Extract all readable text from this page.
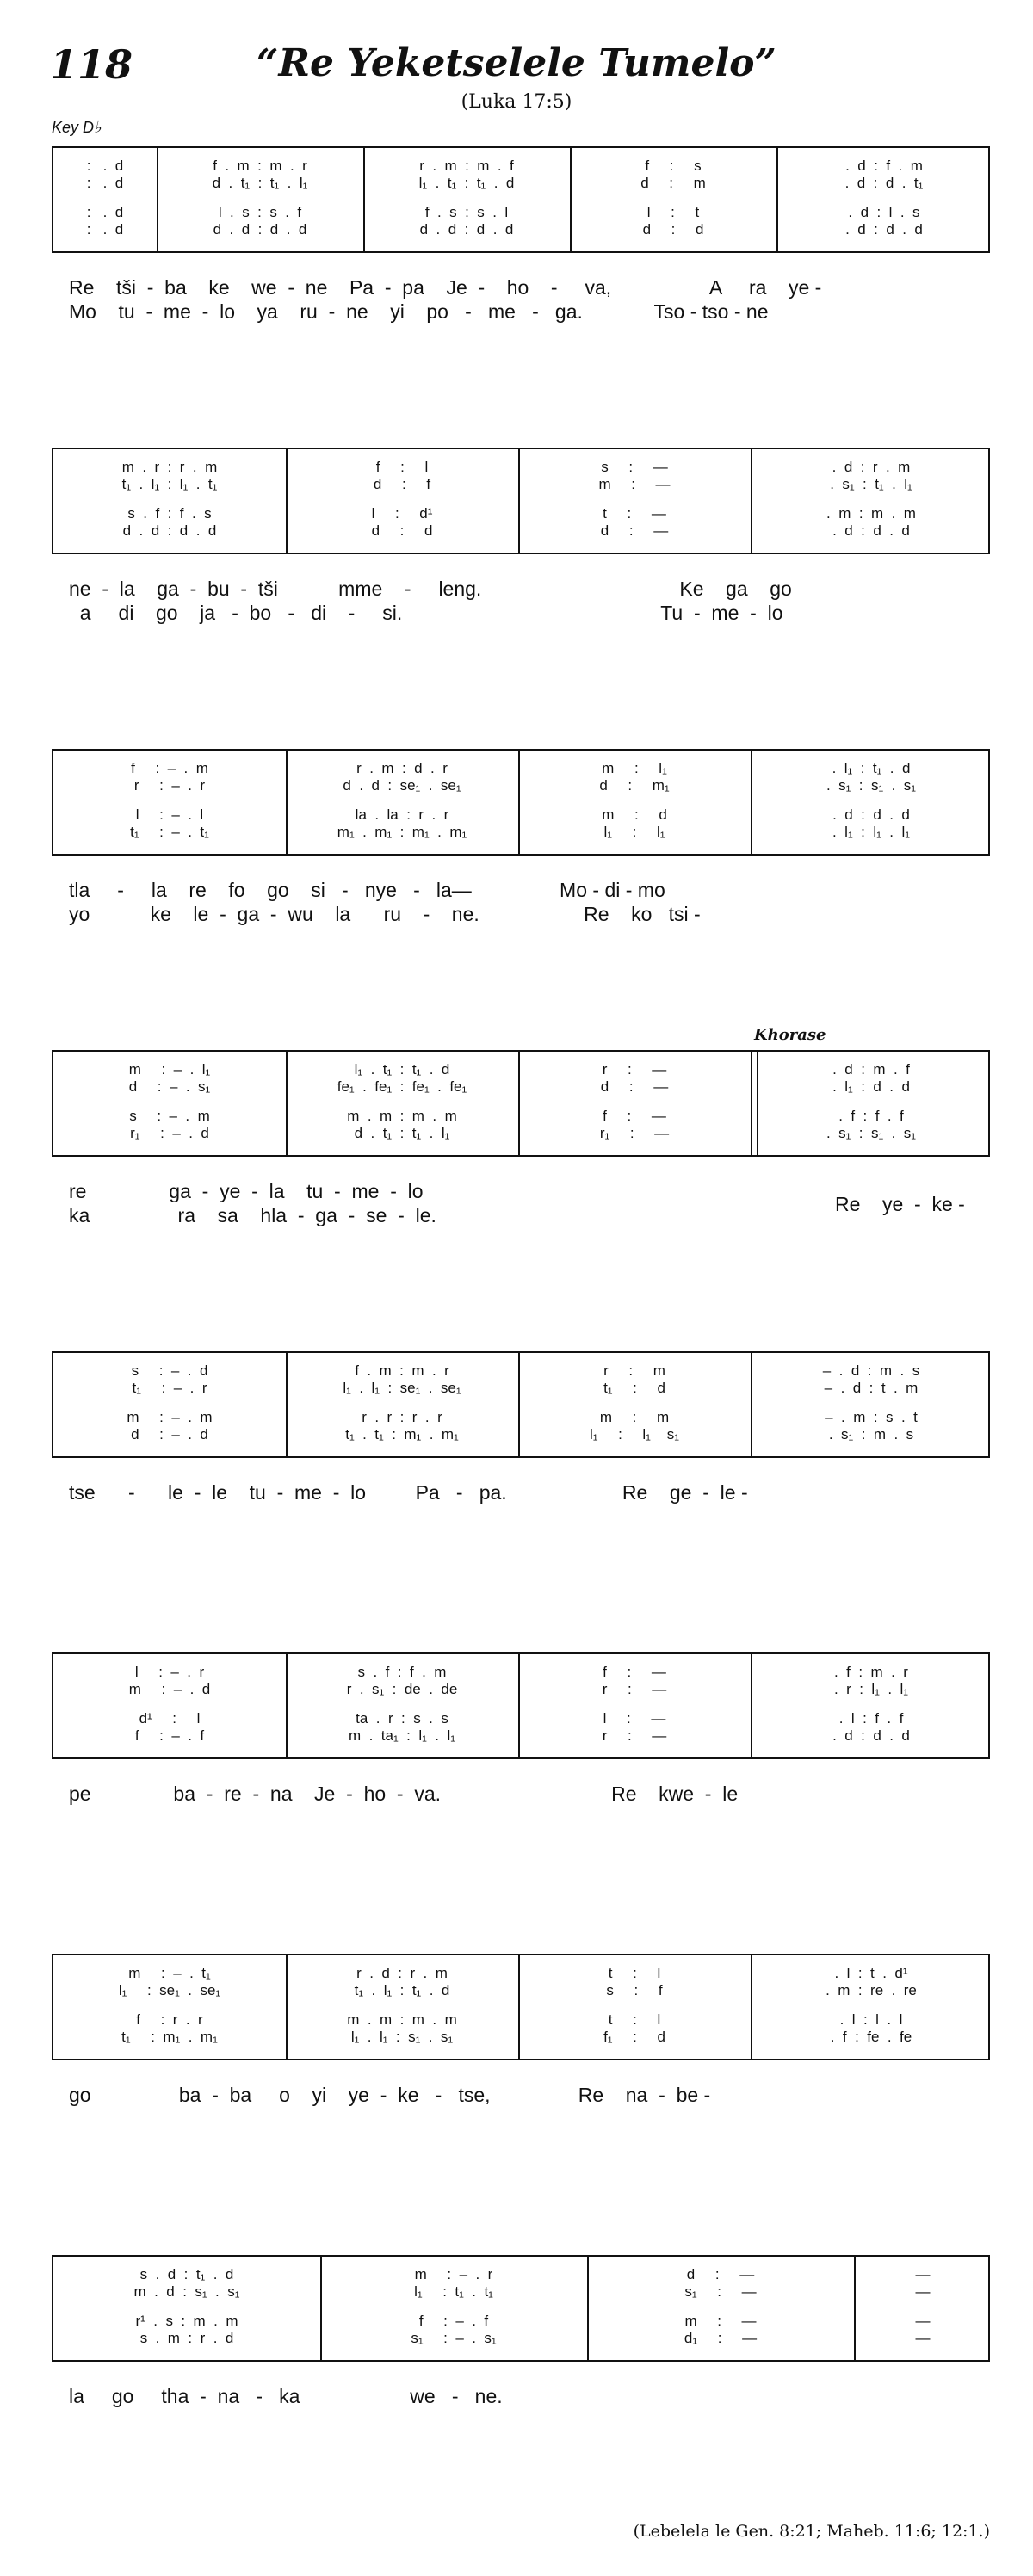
118	“Re Yeketselele Tumelo”
(Luka 17:5)
Key D♭
:   .  d
:   .  d
:   .  d
:   .  d
f  .  m  :  m  .  r
d  .  t₁  :  t₁  .  l₁
l  .  s  :  s  .  f
d  .  d  :  d  .  d
r  .  m  :  m  .  f
l₁  .  t₁  :  t₁  .  d
f  .  s  :  s  .  l
d  .  d  :  d  .  d
f     :     s
d     :     m
l     :     t
d     :     d
.  d  :  f  .  m
.  d  :  d  .  t₁
.  d  :  l  .  s
.  d  :  d  .  d
Re    tši  -  ba    ke    we  -  ne    Pa  -  pa    Je  -    ho    -     va,                  A     ra    ye -
Mo    tu  -  me  -  lo    ya    ru  -  ne    yi    po   -   me   -   ga.             Tso - tso - ne
m  .  r  :  r  .  m
t₁  .  l₁  :  l₁  .  t₁
s  .  f  :  f  .  s
d  .  d  :  d  .  d
f     :     l
d     :     f
l     :     d¹
d     :     d
s     :     —
m     :     —
t     :     —
d     :     —
.  d  :  r  .  m
.  s₁  :  t₁  .  l₁
.  m  :  m  .  m
.  d  :  d  .  d
ne  -  la    ga  -  bu  -  tši           mme    -     leng.                                    Ke    ga    go
a     di    go    ja   -  bo   -   di    -     si.                                               Tu  -  me  -  lo
f     :  –  .  m
r     :  –  .  r
l     :  –  .  l
t₁     :  –  .  t₁
r  .  m  :  d  .  r
d  .  d  :  se₁  .  se₁
la  .  la  :  r  .  r
m₁  .  m₁  :  m₁  .  m₁
m     :     l₁
d     :     m₁
m     :     d
l₁     :     l₁
.  l₁  :  t₁  .  d
.  s₁  :  s₁  .  s₁
.  d  :  d  .  d
.  l₁  :  l₁  .  l₁
tla     -     la    re    fo    go    si   -   nye   -   la—                Mo - di - mo
yo           ke    le  -  ga  -  wu    la      ru    -    ne.                   Re    ko   tsi -
m     :  –  .  l₁
d     :  –  .  s₁
s     :  –  .  m
r₁     :  –  .  d
l₁  .  t₁  :  t₁  .  d
fe₁  .  fe₁  :  fe₁  .  fe₁
m  .  m  :  m  .  m
d  .  t₁  :  t₁  .  l₁
r     :     —
d     :     —
f     :     —
r₁     :     —
.  d  :  m  .  f
.  l₁  :  d  .  d
.  f  :  f  .  f
.  s₁  :  s₁  .  s₁
re               ga  -  ye  -  la    tu  -  me  -  lo
ka                ra    sa    hla  -  ga  -  se  -  le.	Re    ye  -  ke -
s     :  –  .  d
t₁     :  –  .  r
m     :  –  .  m
d     :  –  .  d
f  .  m  :  m  .  r
l₁  .  l₁  :  se₁  .  se₁
r  .  r  :  r  .  r
t₁  .  t₁  :  m₁  .  m₁
r     :     m
t₁     :     d
m     :     m
l₁     :     l₁    s₁
–  .  d  :  m  .  s
–  .  d  :  t  .  m
–  .  m  :  s  .  t
.  s₁  :  m  .  s
tse      -      le  -  le    tu  -  me  -  lo         Pa   -   pa.                     Re    ge  -  le -
l     :  –  .  r
m     :  –  .  d
d¹     :     l
f     :  –  .  f
s  .  f  :  f  .  m
r  .  s₁  :  de  .  de
ta  .  r  :  s  .  s
m  .  ta₁  :  l₁  .  l₁
f     :     —
r     :     —
l     :     —
r     :     —
.  f  :  m  .  r
.  r  :  l₁  .  l₁
.  l  :  f  .  f
.  d  :  d  .  d
pe               ba  -  re  -  na    Je  -  ho  -  va.                               Re    kwe  -  le
m     :  –  .  t₁
l₁     :  se₁  .  se₁
f     :  r  .  r
t₁     :  m₁  .  m₁
r  .  d  :  r  .  m
t₁  .  l₁  :  t₁  .  d
m  .  m  :  m  .  m
l₁  .  l₁  :  s₁  .  s₁
t     :     l
s     :     f
t     :     l
f₁     :     d
.  l  :  t  .  d¹
.  m  :  re  .  re
.  l  :  l  .  l
.  f  :  fe  .  fe
go                ba  -  ba     o    yi    ye  -  ke   -   tse,                Re    na  -  be -
s  .  d  :  t₁  .  d
m  .  d  :  s₁  .  s₁
r¹  .  s  :  m  .  m
s  .  m  :  r  .  d
m     :  –  .  r
l₁     :  t₁  .  t₁
f     :  –  .  f
s₁     :  –  .  s₁
d     :     —
s₁     :     —
m     :     —
d₁     :     —
—
—
—
—
la     go     tha  -  na   -   ka                    we   -   ne.
Khorase
(Lebelela le Gen. 8:21; Maheb. 11:6; 12:1.)
